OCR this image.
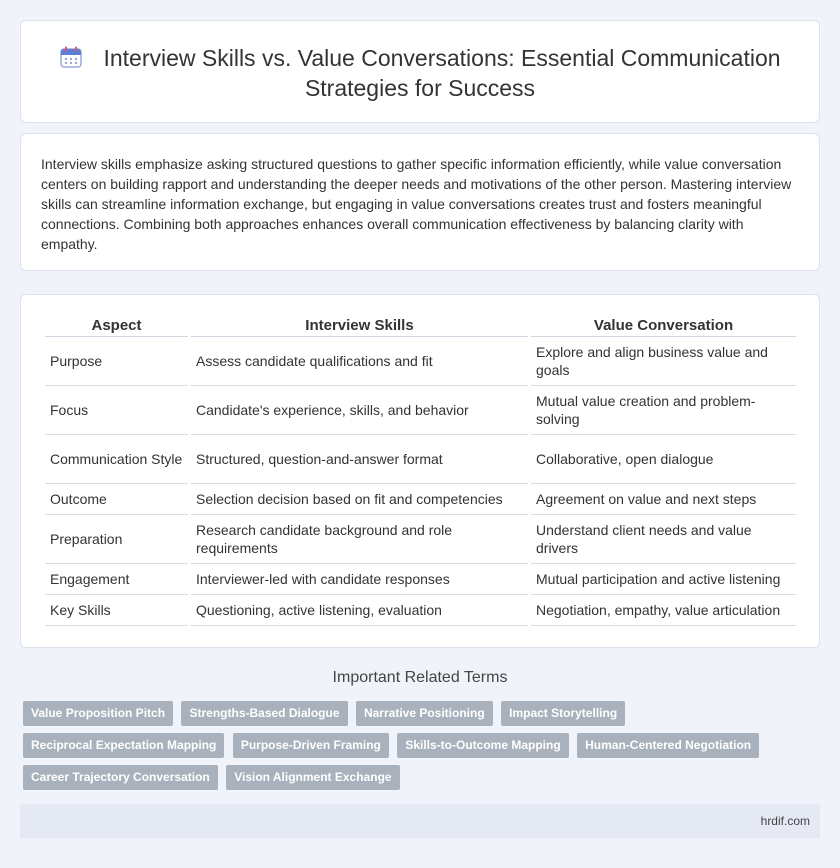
Interview Skills vs. Value Conversations: Essential Communication Strategies for Success

Interview skills emphasize asking structured questions to gather specific information efficiently, while value conversation centers on building rapport and understanding the deeper needs and motivations of the other person. Mastering interview skills can streamline information exchange, but engaging in value conversations creates trust and fosters meaningful connections. Combining both approaches enhances overall communication effectiveness by balancing clarity with empathy.

Aspect	Interview Skills	Value Conversation
Purpose	Assess candidate qualifications and fit	Explore and align business value and goals
Focus	Candidate's experience, skills, and behavior	Mutual value creation and problem-solving
Communication Style	Structured, question-and-answer format	Collaborative, open dialogue
Outcome	Selection decision based on fit and competencies	Agreement on value and next steps
Preparation	Research candidate background and role requirements	Understand client needs and value drivers
Engagement	Interviewer-led with candidate responses	Mutual participation and active listening
Key Skills	Questioning, active listening, evaluation	Negotiation, empathy, value articulation
Important Related Terms
Value Proposition Pitch Strengths-Based Dialogue Narrative Positioning Impact Storytelling Reciprocal Expectation Mapping Purpose-Driven Framing Skills-to-Outcome Mapping Human-Centered Negotiation Career Trajectory Conversation Vision Alignment Exchange
hrdif.com
